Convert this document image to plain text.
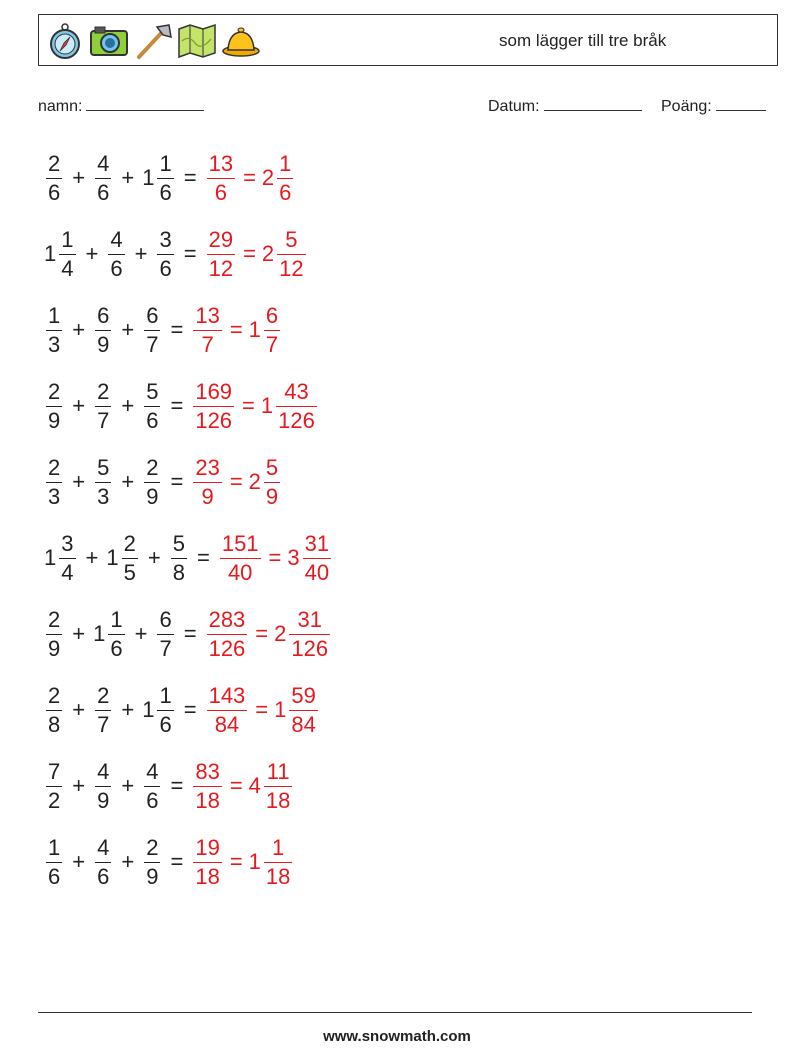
som lägger till tre bråk
namn:	Datum:	Poäng:
$\frac{2}{6} + \frac{4}{6} + 1 \frac{1}{6} = \frac{13}{6} = 2 \frac{1}{6}$
$1 \frac{1}{4} + \frac{4}{6} + \frac{3}{6} = \frac{29}{12} = 2 \frac{5}{12}$
$\frac{1}{3} + \frac{6}{9} + \frac{6}{7} = \frac{13}{7} = 1 \frac{6}{7}$
$\frac{2}{9} + \frac{2}{7} + \frac{5}{6} = \frac{169}{126} = 1 \frac{43}{126}$
$\frac{2}{3} + \frac{5}{3} + \frac{2}{9} = \frac{23}{9} = 2 \frac{5}{9}$
$1 \frac{3}{4} + 1 \frac{2}{5} + \frac{5}{8} = \frac{151}{40} = 3 \frac{31}{40}$
$\frac{2}{9} + 1 \frac{1}{6} + \frac{6}{7} = \frac{283}{126} = 2 \frac{31}{126}$
$\frac{2}{8} + \frac{2}{7} + 1 \frac{1}{6} = \frac{143}{84} = 1 \frac{59}{84}$
$\frac{7}{2} + \frac{4}{9} + \frac{4}{6} = \frac{83}{18} = 4 \frac{11}{18}$
$\frac{1}{6} + \frac{4}{6} + \frac{2}{9} = \frac{19}{18} = 1 \frac{1}{18}$
www.snowmath.com
